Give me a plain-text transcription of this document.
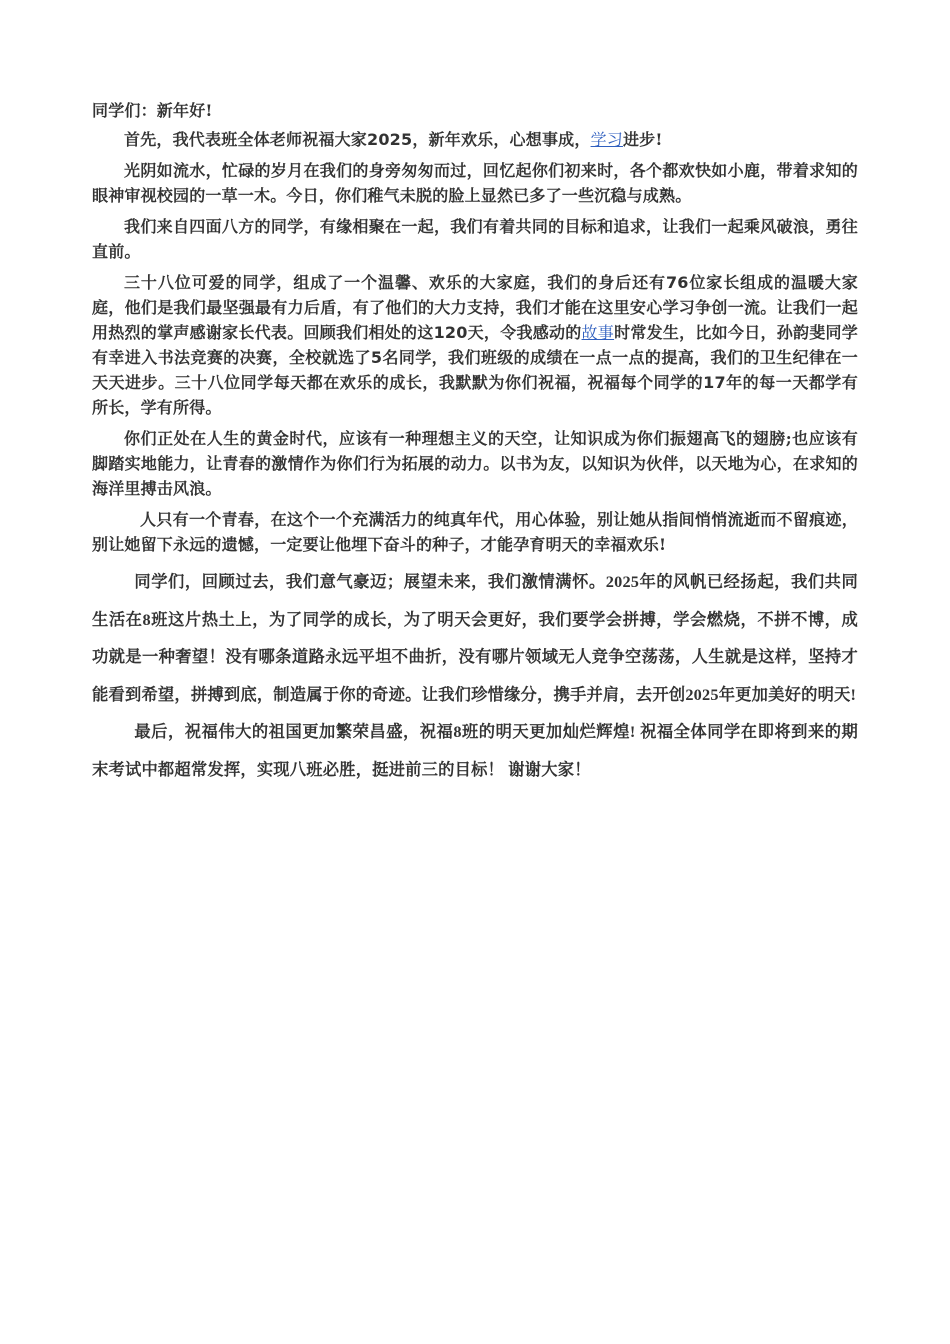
同学们：新年好!

首先，我代表班全体老师祝福大家2025，新年欢乐，心想事成，学习进步!

光阴如流水，忙碌的岁月在我们的身旁匆匆而过，回忆起你们初来时，各个都欢快如小鹿，带着求知的眼神审视校园的一草一木。今日，你们稚气未脱的脸上显然已多了一些沉稳与成熟。

我们来自四面八方的同学，有缘相聚在一起，我们有着共同的目标和追求，让我们一起乘风破浪，勇往直前。

三十八位可爱的同学，组成了一个温馨、欢乐的大家庭，我们的身后还有76位家长组成的温暖大家庭，他们是我们最坚强最有力后盾，有了他们的大力支持，我们才能在这里安心学习争创一流。让我们一起用热烈的掌声感谢家长代表。回顾我们相处的这120天，令我感动的故事时常发生，比如今日，孙韵斐同学有幸进入书法竞赛的决赛，全校就选了5名同学，我们班级的成绩在一点一点的提高，我们的卫生纪律在一天天进步。三十八位同学每天都在欢乐的成长，我默默为你们祝福，祝福每个同学的17年的每一天都学有所长，学有所得。

你们正处在人生的黄金时代，应该有一种理想主义的天空，让知识成为你们振翅高飞的翅膀;也应该有脚踏实地能力，让青春的激情作为你们行为拓展的动力。以书为友，以知识为伙伴，以天地为心，在求知的海洋里搏击风浪。

人只有一个青春，在这个一个充满活力的纯真年代，用心体验，别让她从指间悄悄流逝而不留痕迹，别让她留下永远的遗憾，一定要让他埋下奋斗的种子，才能孕育明天的幸福欢乐!

同学们，回顾过去，我们意气豪迈；展望未来，我们激情满怀。2025年的风帆已经扬起，我们共同生活在8班这片热土上，为了同学的成长，为了明天会更好，我们要学会拼搏，学会燃烧，不拼不博，成功就是一种奢望！没有哪条道路永远平坦不曲折，没有哪片领域无人竞争空荡荡，人生就是这样，坚持才能看到希望，拼搏到底，制造属于你的奇迹。让我们珍惜缘分，携手并肩，去开创2025年更加美好的明天!

最后，祝福伟大的祖国更加繁荣昌盛，祝福8班的明天更加灿烂辉煌! 祝福全体同学在即将到来的期末考试中都超常发挥，实现八班必胜，挺进前三的目标！ 谢谢大家！
